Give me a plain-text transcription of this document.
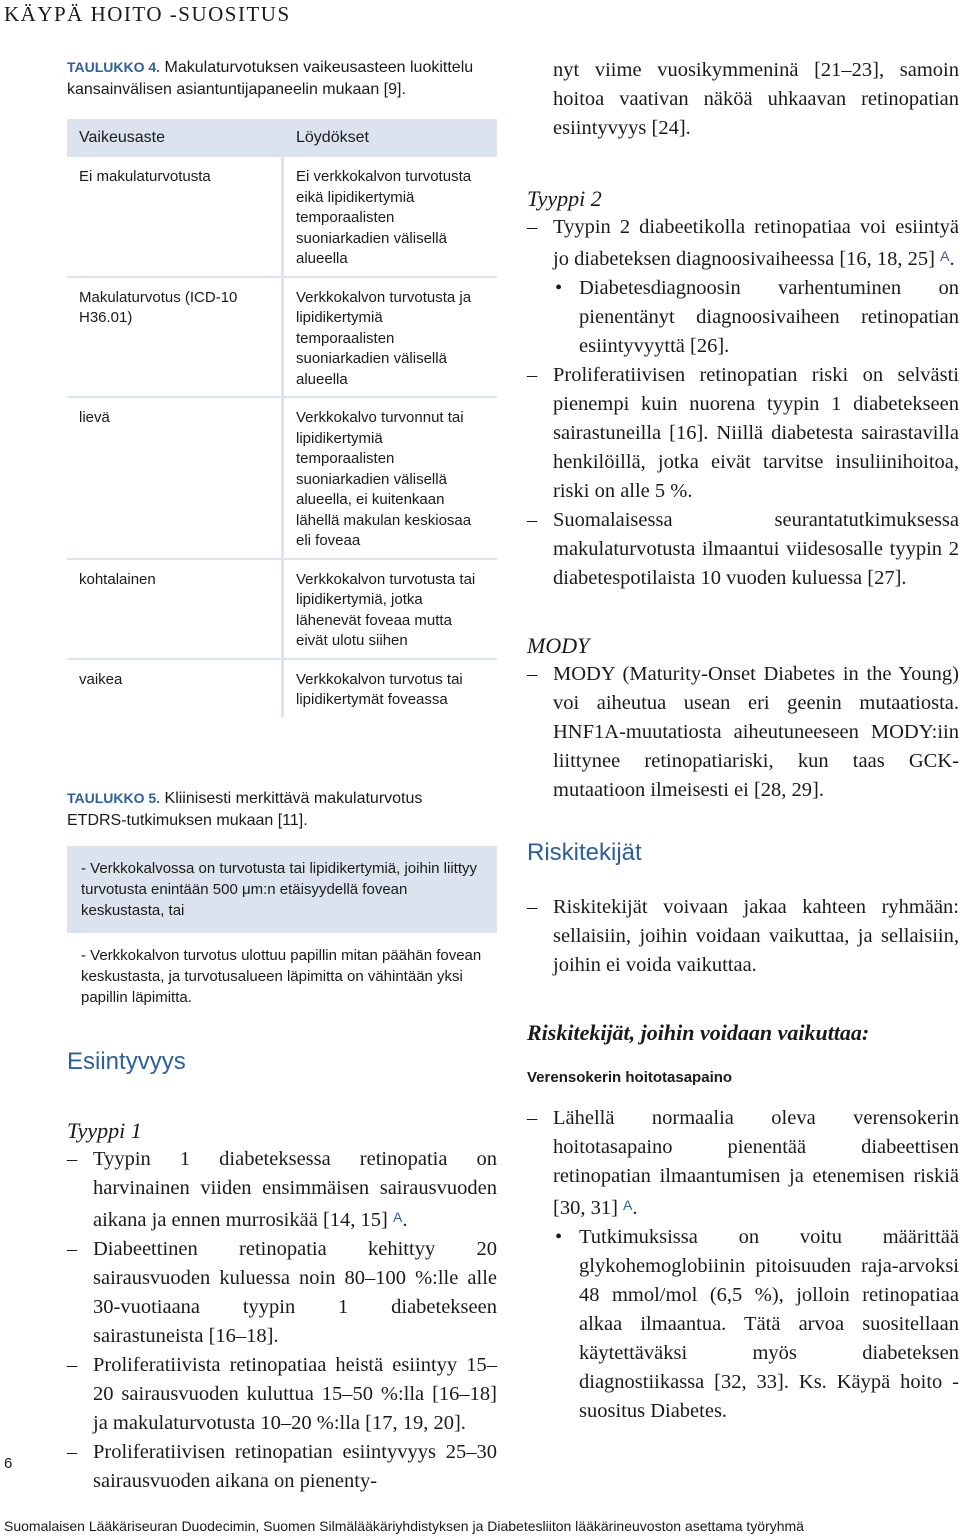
KÄYPÄ HOITO -SUOSITUS

TAULUKKO 4. Makulaturvotuksen vaikeusasteen luokittelu kansainvälisen asiantuntijapaneelin mukaan [9].

Vaikeusaste	Löydökset
Ei makulaturvotusta	Ei verkkokalvon turvotusta eikä lipidikertymiä temporaalisten suoniarkadien välisellä alueella
Makulaturvotus (ICD-10 H36.01)	Verkkokalvon turvotusta ja lipidikertymiä temporaalisten suoniarkadien välisellä alueella
lievä	Verkkokalvo turvonnut tai lipidikertymiä temporaalisten suoniarkadien välisellä alueella, ei kuitenkaan lähellä makulan keskiosaa eli foveaa
kohtalainen	Verkkokalvon turvotusta tai lipidikertymiä, jotka lähenevät foveaa mutta eivät ulotu siihen
vaikea	Verkkokalvon turvotus tai lipidikertymät foveassa

TAULUKKO 5. Kliinisesti merkittävä makulaturvotus ETDRS-tutkimuksen mukaan [11].

- Verkkokalvossa on turvotusta tai lipidikertymiä, joihin liittyy turvotusta enintään 500 μm:n etäisyydellä fovean keskustasta, tai
- Verkkokalvon turvotus ulottuu papillin mitan päähän fovean keskustasta, ja turvotusalueen läpimitta on vähintään yksi papillin läpimitta.
Esiintyvyys
Tyyppi 1
– Tyypin 1 diabeteksessa retinopatia on harvinainen viiden ensimmäisen sairausvuoden aikana ja ennen murrosikää [14, 15] A.
– Diabeettinen retinopatia kehittyy 20 sairausvuoden kuluessa noin 80–100 %:lle alle 30-vuotiaana tyypin 1 diabetekseen sairastuneista [16–18].
– Proliferatiivista retinopatiaa heistä esiintyy 15–20 sairausvuoden kuluttua 15–50 %:lla [16–18] ja makulaturvotusta 10–20 %:lla [17, 19, 20].
– Proliferatiivisen retinopatian esiintyvyys 25–30 sairausvuoden aikana on pienenty-

nyt viime vuosikymmeninä [21–23], samoin hoitoa vaativan näköä uhkaavan retinopatian esiintyvyys [24].

Tyyppi 2
– Tyypin 2 diabeetikolla retinopatiaa voi esiintyä jo diabeteksen diagnoosivaiheessa [16, 18, 25] A.
• Diabetesdiagnoosin varhentuminen on pienentänyt diagnoosivaiheen retinopatian esiintyvyyttä [26].
– Proliferatiivisen retinopatian riski on selvästi pienempi kuin nuorena tyypin 1 diabetekseen sairastuneilla [16]. Niillä diabetesta sairastavilla henkilöillä, jotka eivät tarvitse insuliinihoitoa, riski on alle 5 %.
– Suomalaisessa seurantatutkimuksessa makulaturvotusta ilmaantui viidesosalle tyypin 2 diabetespotilaista 10 vuoden kuluessa [27].
MODY
– MODY (Maturity-Onset Diabetes in the Young) voi aiheutua usean eri geenin mutaatiosta. HNF1A-muutatiosta aiheutuneeseen MODY:iin liittynee retinopatiariski, kun taas GCK-mutaatioon ilmeisesti ei [28, 29].
Riskitekijät
– Riskitekijät voivaan jakaa kahteen ryhmään: sellaisiin, joihin voidaan vaikuttaa, ja sellaisiin, joihin ei voida vaikuttaa.
Riskitekijät, joihin voidaan vaikuttaa:
Verensokerin hoitotasapaino
– Lähellä normaalia oleva verensokerin hoitotasapaino pienentää diabeettisen retinopatian ilmaantumisen ja etenemisen riskiä [30, 31] A.
• Tutkimuksissa on voitu määrittää glykohemoglobiinin pitoisuuden raja-arvoksi 48 mmol/mol (6,5 %), jolloin retinopatiaa alkaa ilmaantua. Tätä arvoa suositellaan käytettäväksi myös diabeteksen diagnostiikassa [32, 33]. Ks. Käypä hoito -suositus Diabetes.
6
Suomalaisen Lääkäriseuran Duodecimin, Suomen Silmälääkäriyhdistyksen ja Diabetesliiton lääkärineuvoston asettama työryhmä
